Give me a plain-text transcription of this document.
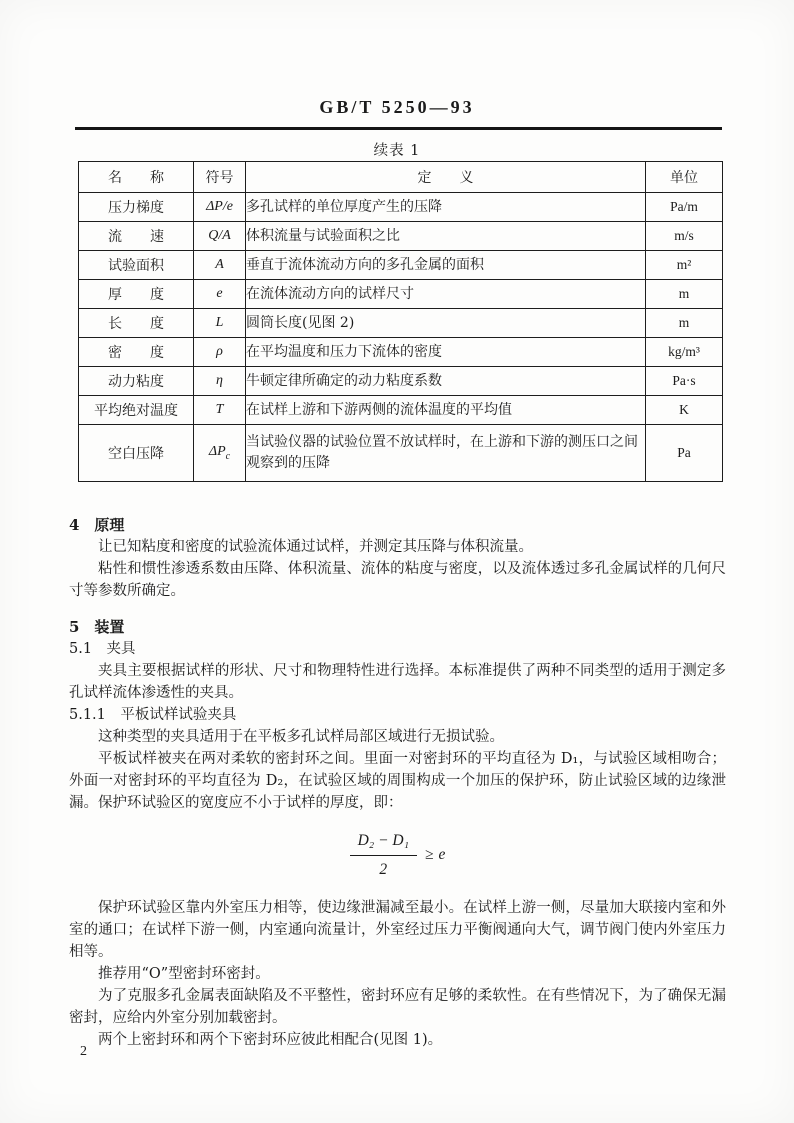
GB/T 5250—93
续表 1
名　　称	符号	定　　义	单位
压力梯度	ΔP/e	多孔试样的单位厚度产生的压降	Pa/m
流　　速	Q/A	体积流量与试验面积之比	m/s
试验面积	A	垂直于流体流动方向的多孔金属的面积	m²
厚　　度	e	在流体流动方向的试样尺寸	m
长　　度	L	圆筒长度(见图 2)	m
密　　度	ρ	在平均温度和压力下流体的密度	kg/m³
动力粘度	η	牛顿定律所确定的动力粘度系数	Pa·s
平均绝对温度	T	在试样上游和下游两侧的流体温度的平均值	K
空白压降	$\Delta P_c$	当试验仪器的试验位置不放试样时，在上游和下游的测压口之间观察到的压降	Pa
4　原理
让已知粘度和密度的试验流体通过试样，并测定其压降与体积流量。
粘性和惯性渗透系数由压降、体积流量、流体的粘度与密度，以及流体透过多孔金属试样的几何尺寸等参数所确定。
5　装置
5.1　夹具
夹具主要根据试样的形状、尺寸和物理特性进行选择。本标准提供了两种不同类型的适用于测定多孔试样流体渗透性的夹具。
5.1.1　平板试样试验夹具
这种类型的夹具适用于在平板多孔试样局部区域进行无损试验。
平板试样被夹在两对柔软的密封环之间。里面一对密封环的平均直径为 D₁，与试验区域相吻合；外面一对密封环的平均直径为 D₂，在试验区域的周围构成一个加压的保护环，防止试验区域的边缘泄漏。保护环试验区的宽度应不小于试样的厚度，即：
$\frac{\text{D₂ − D₁}}{2} \ge e$
保护环试验区靠内外室压力相等，使边缘泄漏减至最小。在试样上游一侧，尽量加大联接内室和外室的通口；在试样下游一侧，内室通向流量计，外室经过压力平衡阀通向大气，调节阀门使内外室压力相等。
推荐用“O”型密封环密封。
为了克服多孔金属表面缺陷及不平整性，密封环应有足够的柔软性。在有些情况下，为了确保无漏密封，应给内外室分别加载密封。
两个上密封环和两个下密封环应彼此相配合(见图 1)。
2
